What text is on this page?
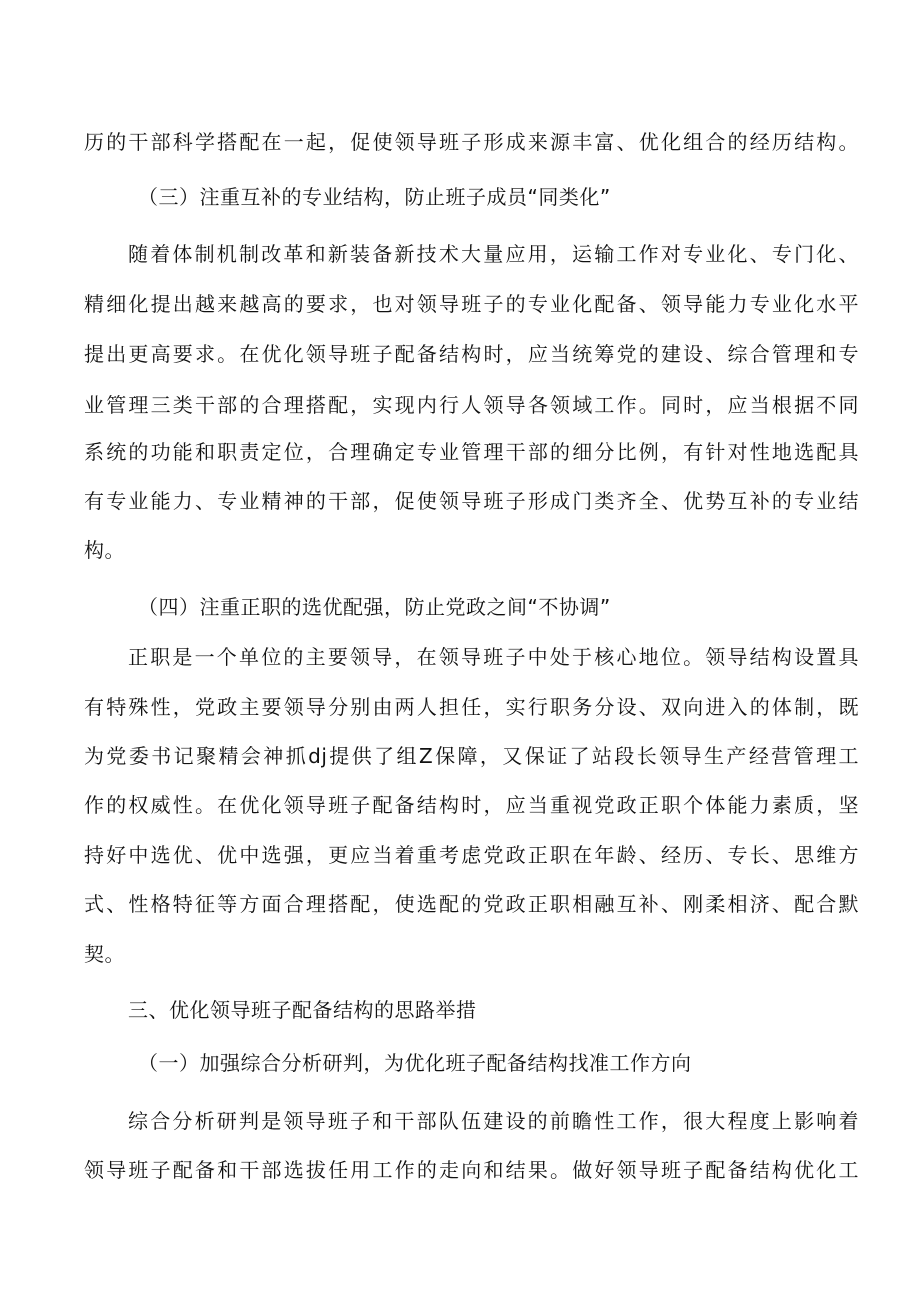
历的干部科学搭配在一起，促使领导班子形成来源丰富、优化组合的经历结构。
（三）注重互补的专业结构，防止班子成员“同类化”
随着体制机制改革和新装备新技术大量应用，运输工作对专业化、专门化、
精细化提出越来越高的要求，也对领导班子的专业化配备、领导能力专业化水平
提出更高要求。在优化领导班子配备结构时，应当统筹党的建设、综合管理和专
业管理三类干部的合理搭配，实现内行人领导各领域工作。同时，应当根据不同
系统的功能和职责定位，合理确定专业管理干部的细分比例，有针对性地选配具
有专业能力、专业精神的干部，促使领导班子形成门类齐全、优势互补的专业结
构。
（四）注重正职的选优配强，防止党政之间“不协调”
正职是一个单位的主要领导，在领导班子中处于核心地位。领导结构设置具
有特殊性，党政主要领导分别由两人担任，实行职务分设、双向进入的体制，既
为党委书记聚精会神抓dj提供了组Z保障，又保证了站段长领导生产经营管理工
作的权威性。在优化领导班子配备结构时，应当重视党政正职个体能力素质，坚
持好中选优、优中选强，更应当着重考虑党政正职在年龄、经历、专长、思维方
式、性格特征等方面合理搭配，使选配的党政正职相融互补、刚柔相济、配合默
契。
三、优化领导班子配备结构的思路举措
（一）加强综合分析研判，为优化班子配备结构找准工作方向
综合分析研判是领导班子和干部队伍建设的前瞻性工作，很大程度上影响着
领导班子配备和干部选拔任用工作的走向和结果。做好领导班子配备结构优化工
